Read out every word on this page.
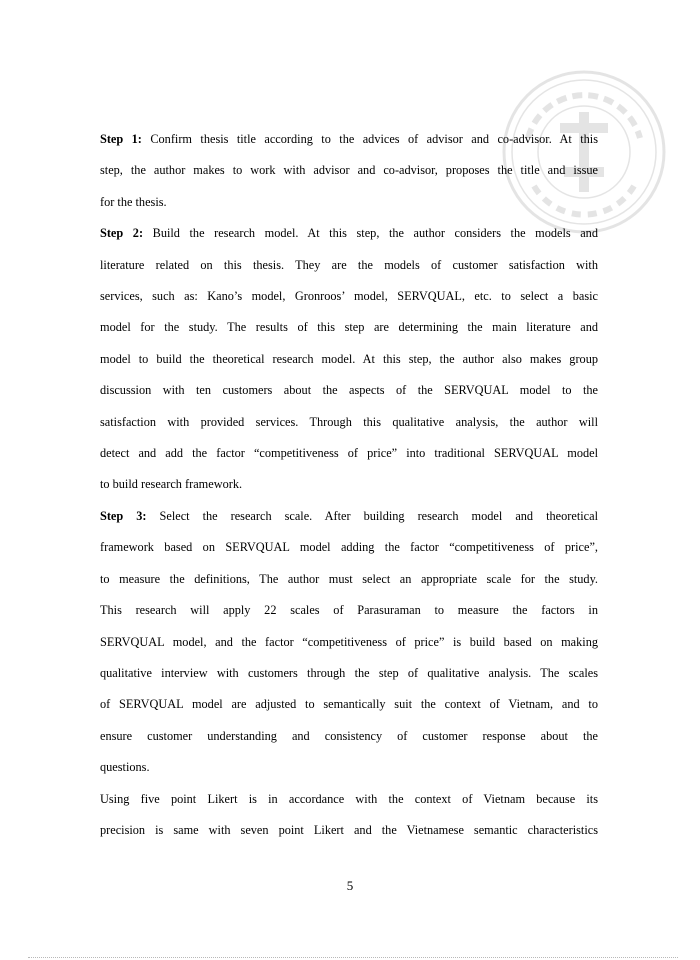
Step 1: Confirm thesis title according to the advices of advisor and co-advisor. At this
step, the author makes to work with advisor and co-advisor, proposes the title and issue
for the thesis.

Step 2: Build the research model. At this step, the author considers the models and
literature related on this thesis. They are the models of customer satisfaction with
services, such as: Kano’s model, Gronroos’ model, SERVQUAL, etc. to select a basic
model for the study. The results of this step are determining the main literature and
model to build the theoretical research model. At this step, the author also makes group
discussion with ten customers about the aspects of the SERVQUAL model to the
satisfaction with provided services. Through this qualitative analysis, the author will
detect and add the factor “competitiveness of price” into traditional SERVQUAL model
to build research framework.

Step 3: Select the research scale. After building research model and theoretical
framework based on SERVQUAL model adding the factor “competitiveness of price”,
to measure the definitions, The author must select an appropriate scale for the study.
This research will apply 22 scales of Parasuraman to measure the factors in
SERVQUAL model, and the factor “competitiveness of price” is build based on making
qualitative interview with customers through the step of qualitative analysis. The scales
of SERVQUAL model are adjusted to semantically suit the context of Vietnam, and to
ensure customer understanding and consistency of customer response about the
questions.

Using five point Likert is in accordance with the context of Vietnam because its
precision is same with seven point Likert and the Vietnamese semantic characteristics

5
